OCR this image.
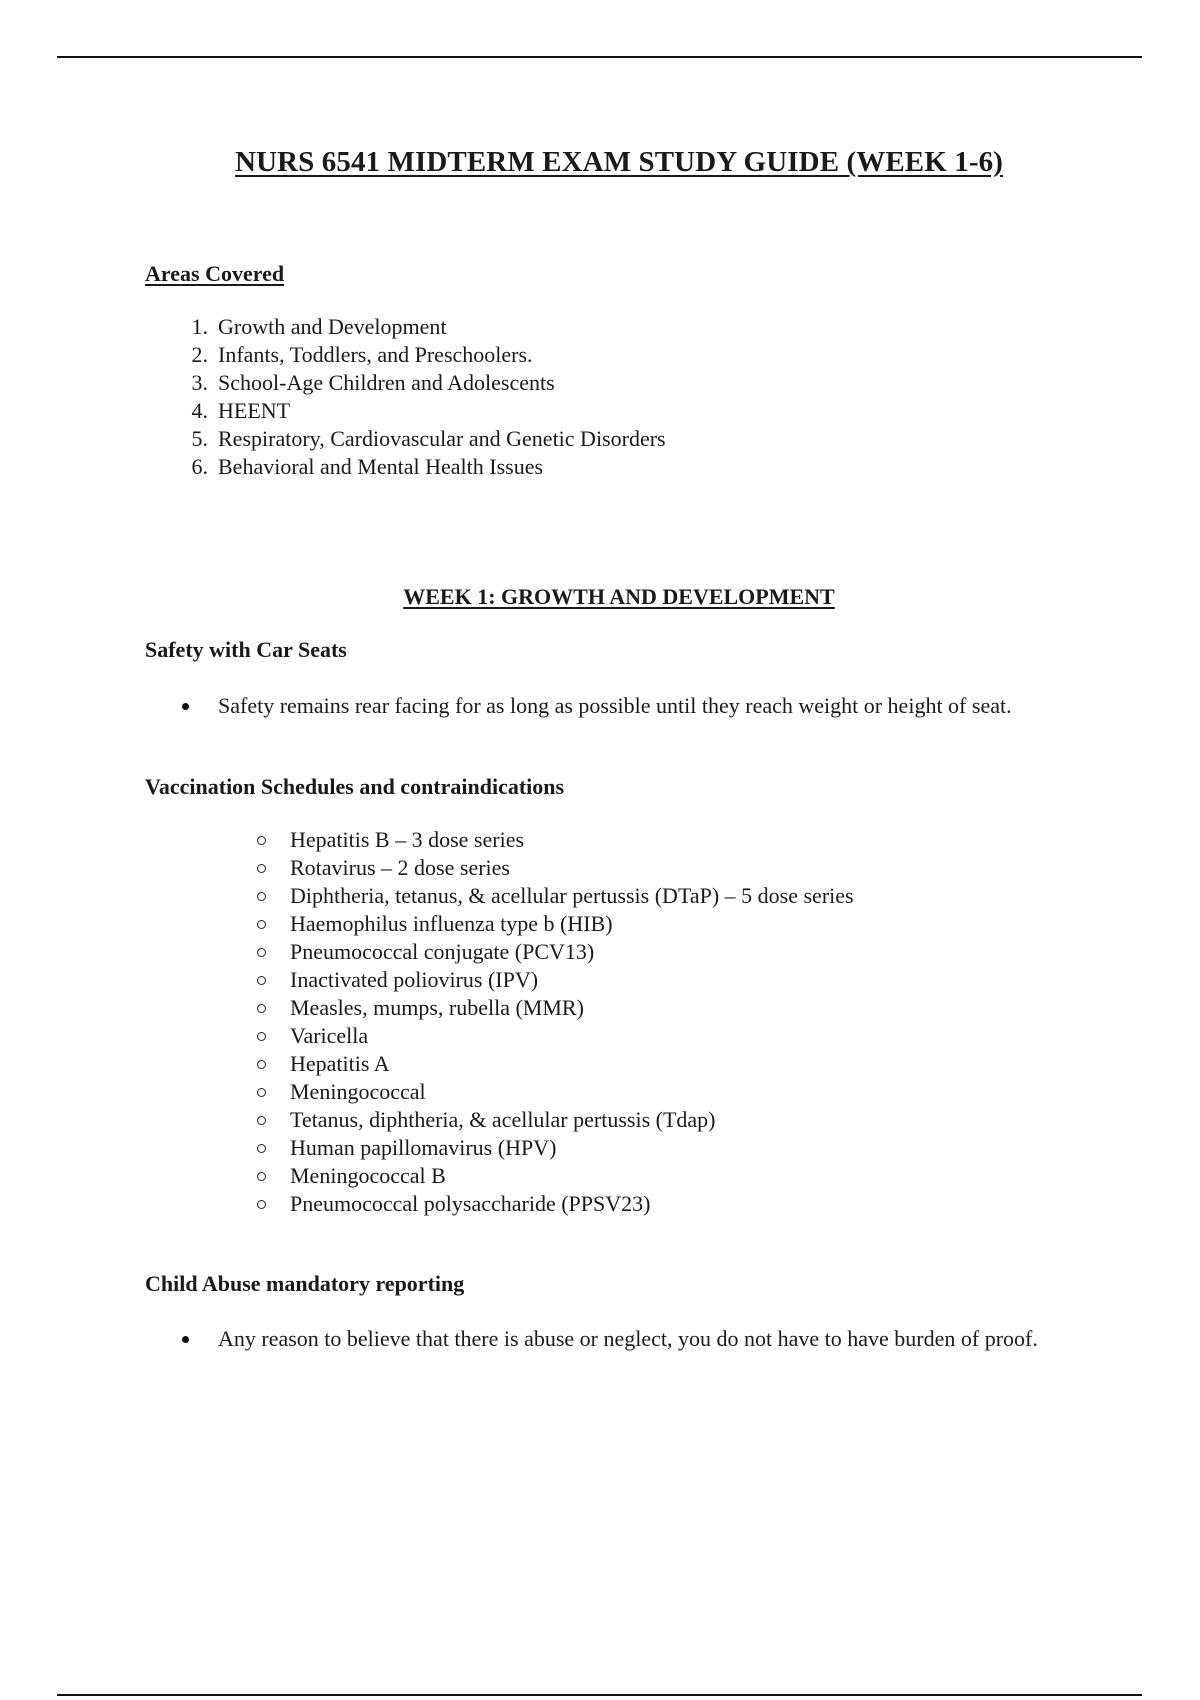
NURS 6541 MIDTERM EXAM STUDY GUIDE (WEEK 1-6)
Areas Covered
1. Growth and Development
2. Infants, Toddlers, and Preschoolers.
3. School-Age Children and Adolescents
4. HEENT
5. Respiratory, Cardiovascular and Genetic Disorders
6. Behavioral and Mental Health Issues
WEEK 1: GROWTH AND DEVELOPMENT
Safety with Car Seats
Safety remains rear facing for as long as possible until they reach weight or height of seat.
Vaccination Schedules and contraindications
Hepatitis B – 3 dose series
Rotavirus – 2 dose series
Diphtheria, tetanus, & acellular pertussis (DTaP) – 5 dose series
Haemophilus influenza type b (HIB)
Pneumococcal conjugate (PCV13)
Inactivated poliovirus (IPV)
Measles, mumps, rubella (MMR)
Varicella
Hepatitis A
Meningococcal
Tetanus, diphtheria, & acellular pertussis (Tdap)
Human papillomavirus (HPV)
Meningococcal B
Pneumococcal polysaccharide (PPSV23)
Child Abuse mandatory reporting
Any reason to believe that there is abuse or neglect, you do not have to have burden of proof.
